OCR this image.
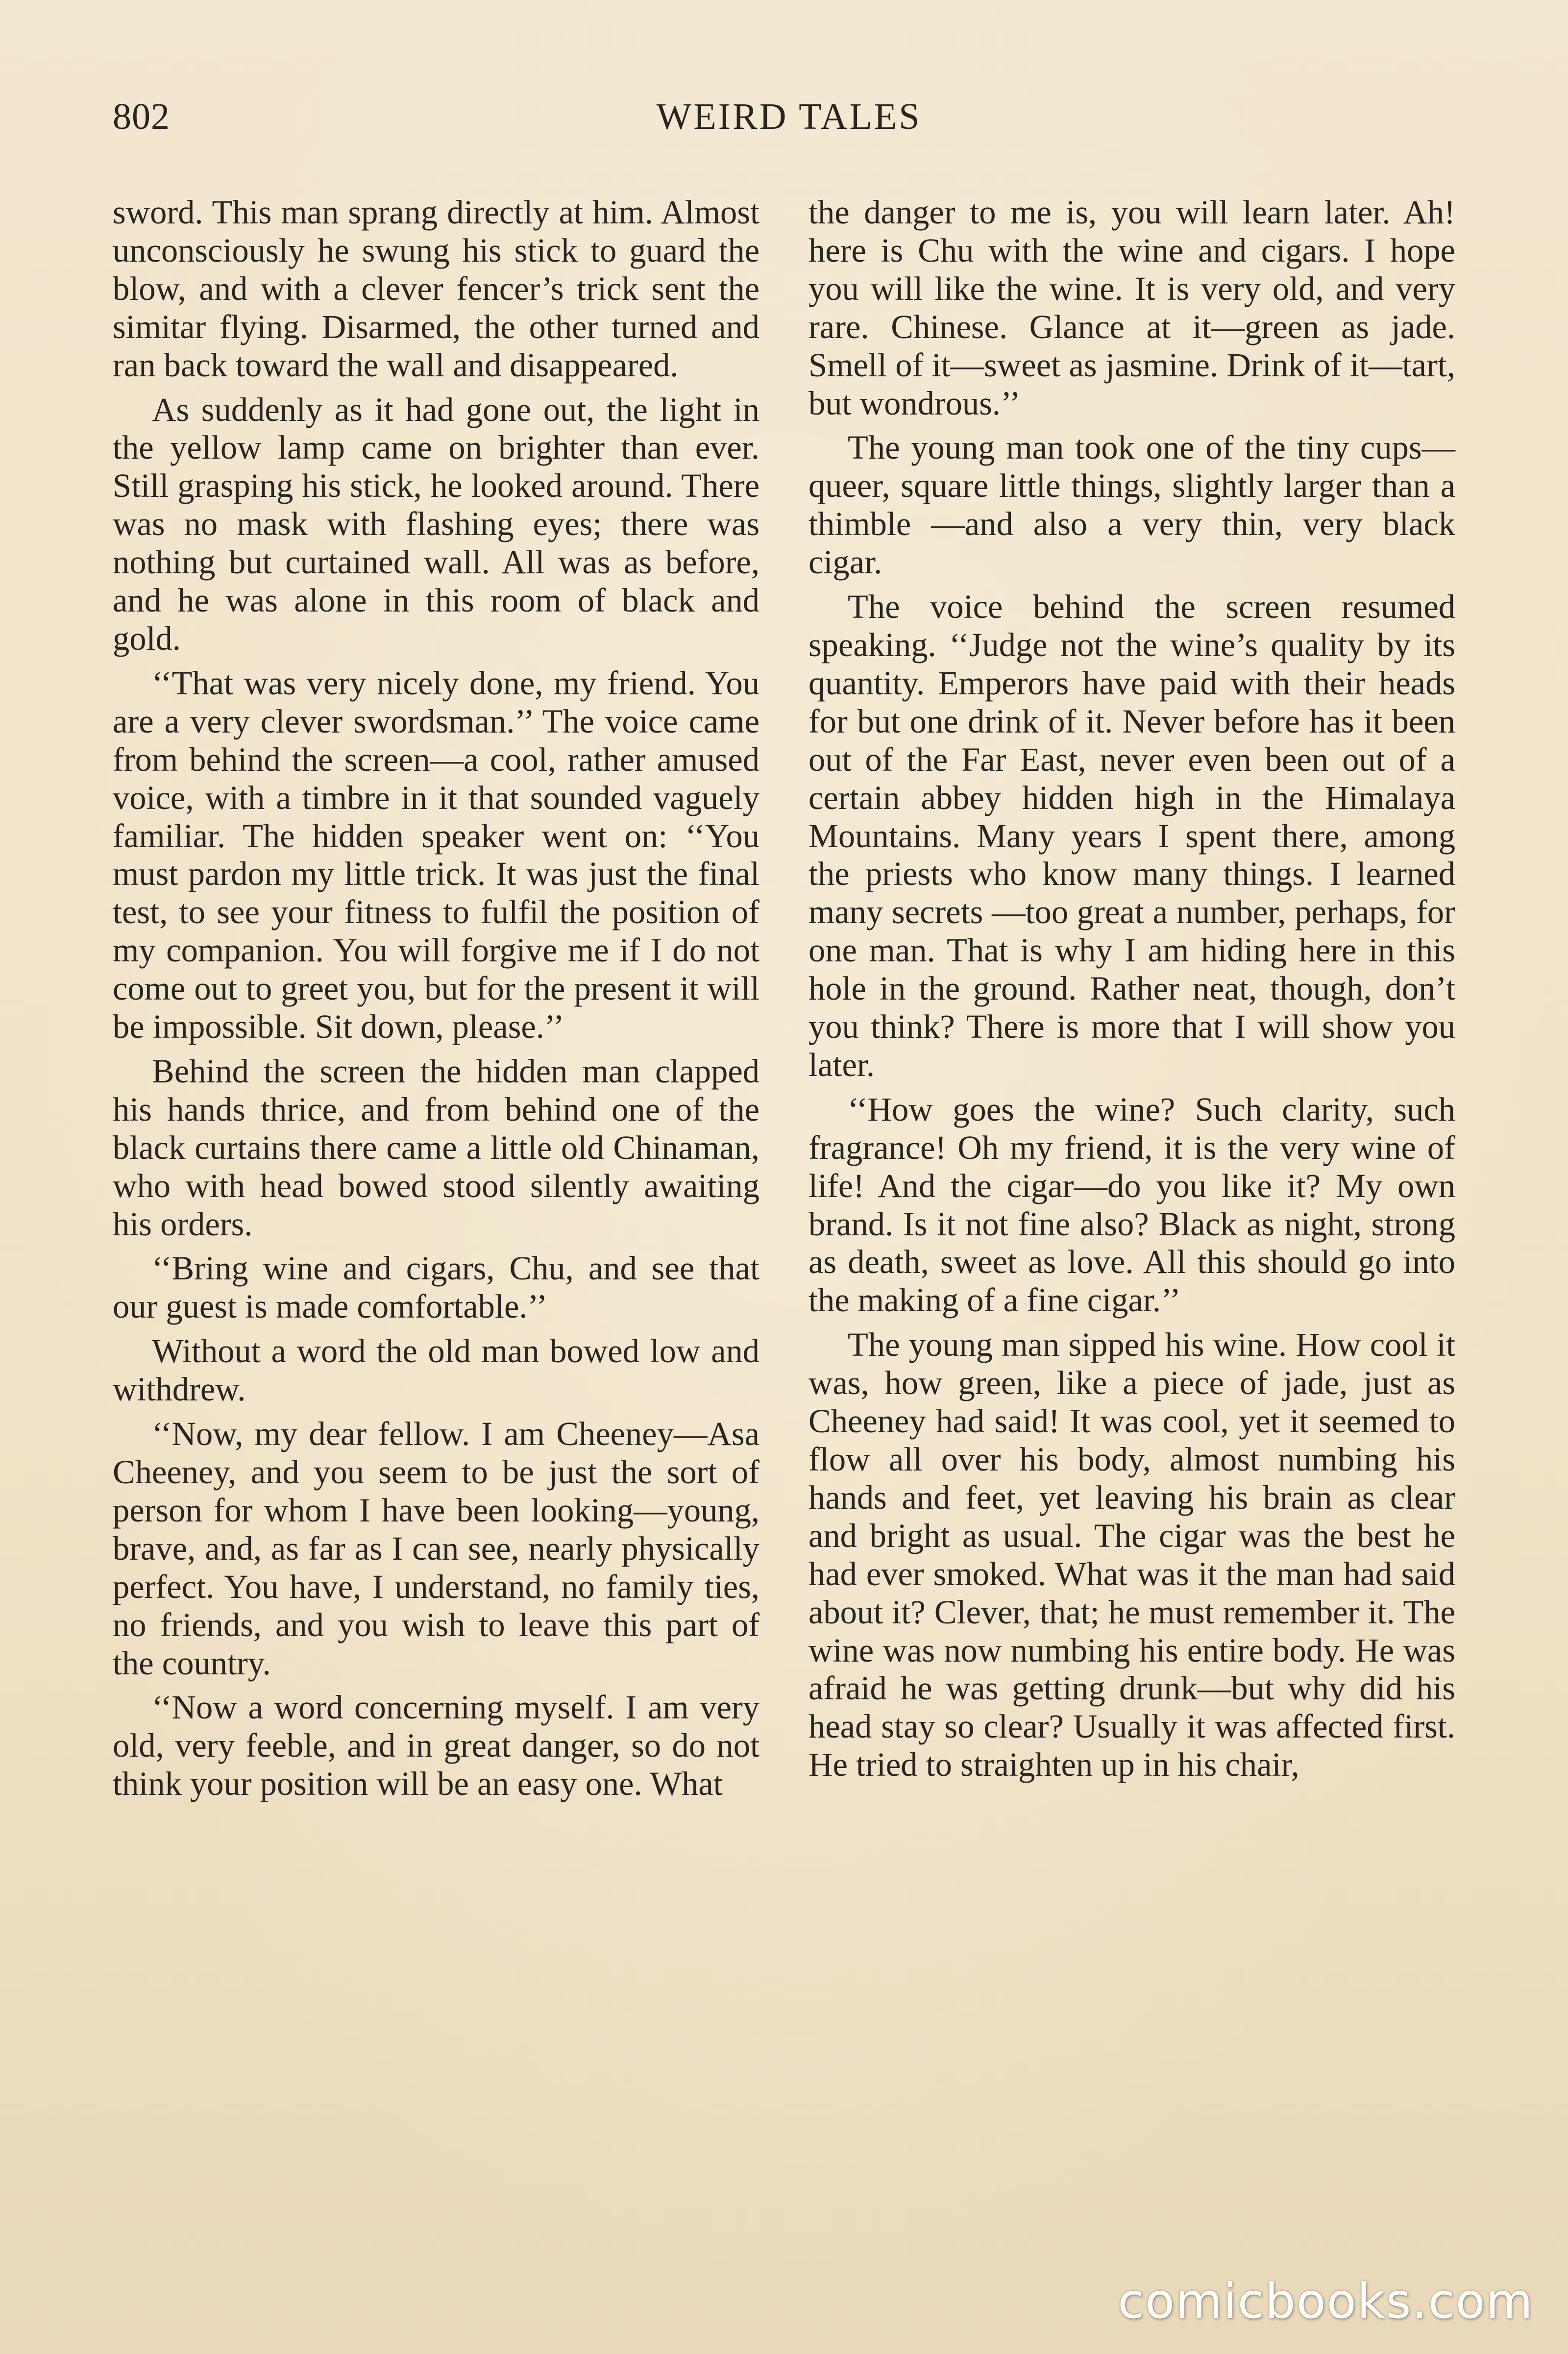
802	WEIRD TALES

sword. This man sprang directly at him. Almost unconsciously he swung his stick to guard the blow, and with a clever fencer’s trick sent the simitar flying. Disarmed, the other turned and ran back toward the wall and disappeared.

As suddenly as it had gone out, the light in the yellow lamp came on brighter than ever. Still grasping his stick, he looked around. There was no mask with flashing eyes; there was nothing but curtained wall. All was as before, and he was alone in this room of black and gold.

‘‘That was very nicely done, my friend. You are a very clever swordsman.’’ The voice came from behind the screen—a cool, rather amused voice, with a timbre in it that sounded vaguely familiar. The hidden speaker went on: ‘‘You must pardon my little trick. It was just the final test, to see your fitness to fulfil the position of my companion. You will forgive me if I do not come out to greet you, but for the present it will be impossible. Sit down, please.’’

Behind the screen the hidden man clapped his hands thrice, and from behind one of the black curtains there came a little old Chinaman, who with head bowed stood silently awaiting his orders.

‘‘Bring wine and cigars, Chu, and see that our guest is made comfortable.’’

Without a word the old man bowed low and withdrew.

‘‘Now, my dear fellow. I am Cheeney—Asa Cheeney, and you seem to be just the sort of person for whom I have been looking—young, brave, and, as far as I can see, nearly physically perfect. You have, I understand, no family ties, no friends, and you wish to leave this part of the country.

‘‘Now a word concerning myself. I am very old, very feeble, and in great danger, so do not think your position will be an easy one. What

the danger to me is, you will learn later. Ah! here is Chu with the wine and cigars. I hope you will like the wine. It is very old, and very rare. Chinese. Glance at it—green as jade. Smell of it—sweet as jasmine. Drink of it—tart, but wondrous.’’

The young man took one of the tiny cups—queer, square little things, slightly larger than a thimble —and also a very thin, very black cigar.

The voice behind the screen resumed speaking. ‘‘Judge not the wine’s quality by its quantity. Emperors have paid with their heads for but one drink of it. Never before has it been out of the Far East, never even been out of a certain abbey hidden high in the Himalaya Mountains. Many years I spent there, among the priests who know many things. I learned many secrets —too great a number, perhaps, for one man. That is why I am hiding here in this hole in the ground. Rather neat, though, don’t you think? There is more that I will show you later.

‘‘How goes the wine? Such clarity, such fragrance! Oh my friend, it is the very wine of life! And the cigar—do you like it? My own brand. Is it not fine also? Black as night, strong as death, sweet as love. All this should go into the making of a fine cigar.’’

The young man sipped his wine. How cool it was, how green, like a piece of jade, just as Cheeney had said! It was cool, yet it seemed to flow all over his body, almost numbing his hands and feet, yet leaving his brain as clear and bright as usual. The cigar was the best he had ever smoked. What was it the man had said about it? Clever, that; he must remember it. The wine was now numbing his entire body. He was afraid he was getting drunk—but why did his head stay so clear? Usually it was affected first. He tried to straighten up in his chair,

comicbooks.com
